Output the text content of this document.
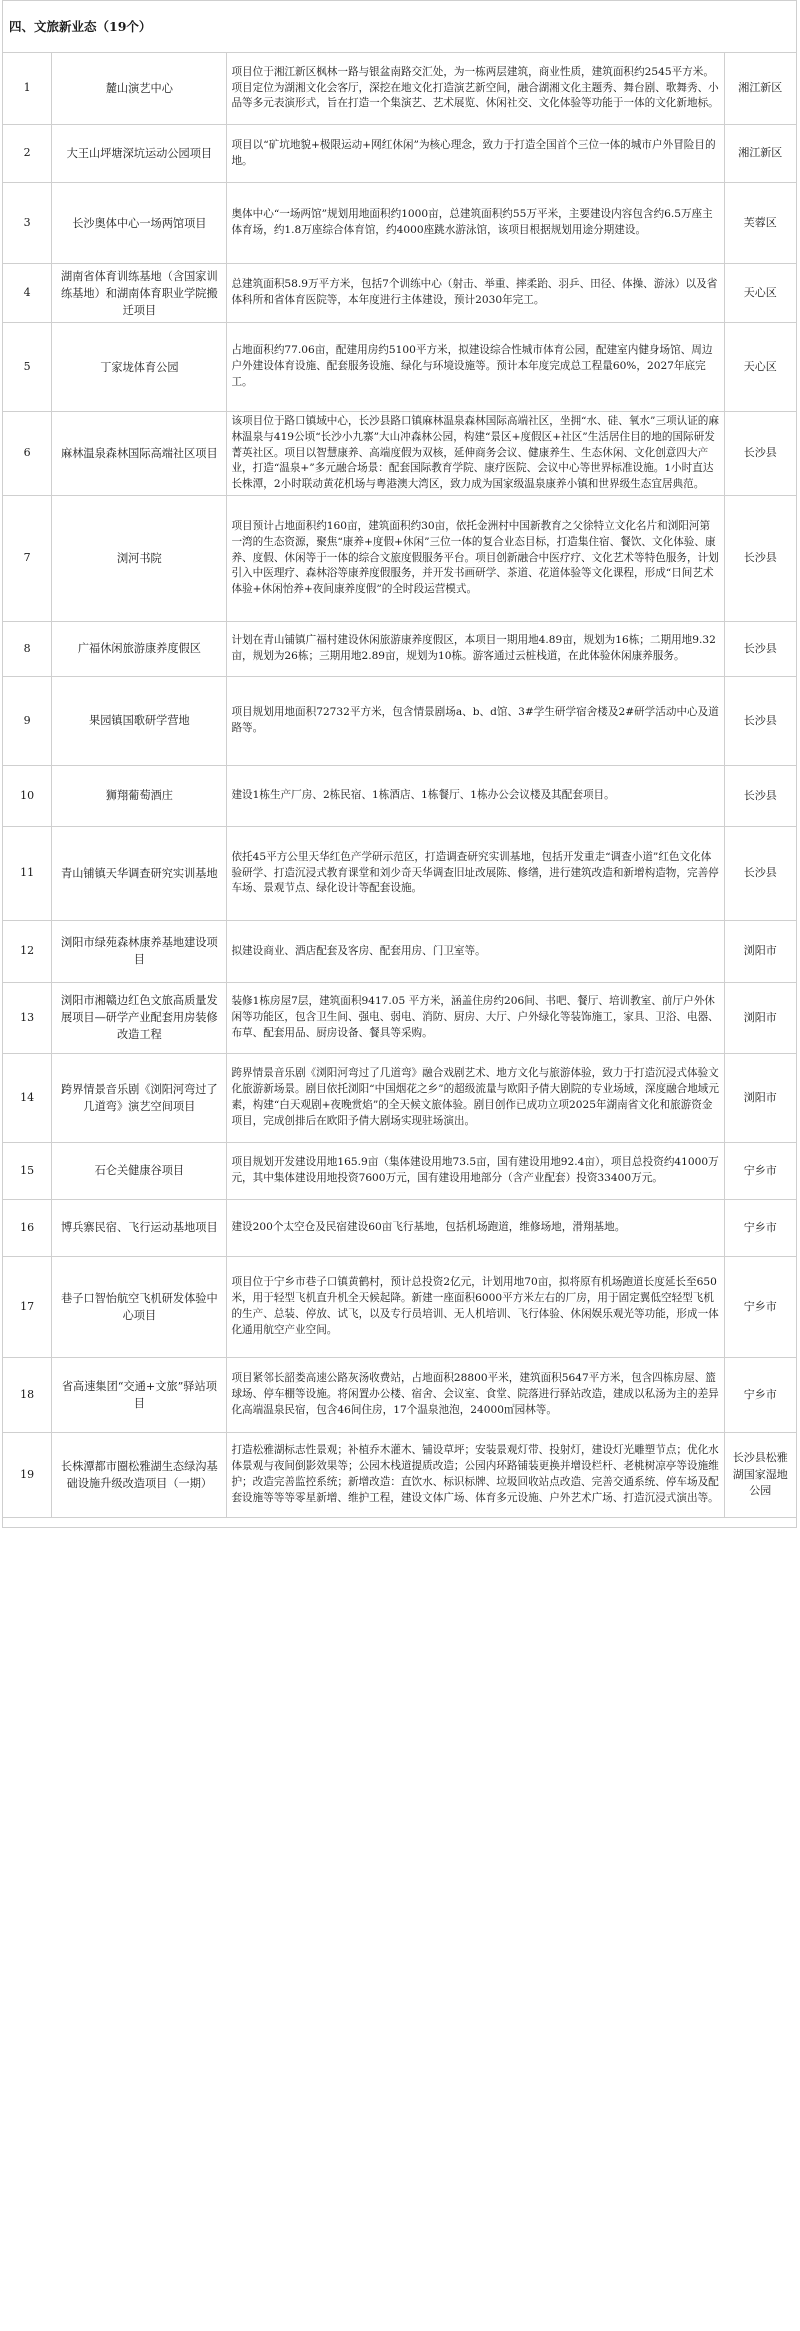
四、文旅新业态（19个）
1	麓山演艺中心	项目位于湘江新区枫林一路与银盆南路交汇处，为一栋两层建筑，商业性质，建筑面积约2545平方米。项目定位为湖湘文化会客厅，深挖在地文化打造演艺新空间，融合湖湘文化主题秀、舞台剧、歌舞秀、小品等多元表演形式，旨在打造一个集演艺、艺术展览、休闲社交、文化体验等功能于一体的文化新地标。	湘江新区
2	大王山坪塘深坑运动公园项目	项目以“矿坑地貌+极限运动+网红休闲”为核心理念，致力于打造全国首个三位一体的城市户外冒险目的地。	湘江新区
3	长沙奥体中心一场两馆项目	奥体中心“一场两馆”规划用地面积约1000亩，总建筑面积约55万平米，主要建设内容包含约6.5万座主体育场，约1.8万座综合体育馆，约4000座跳水游泳馆，该项目根据规划用途分期建设。	芙蓉区
4	湖南省体育训练基地（含国家训练基地）和湖南体育职业学院搬迁项目	总建筑面积58.9万平方米，包括7个训练中心（射击、举重、摔柔跆、羽乒、田径、体操、游泳）以及省体科所和省体育医院等，本年度进行主体建设，预计2030年完工。	天心区
5	丁家垅体育公园	占地面积约77.06亩，配建用房约5100平方米，拟建设综合性城市体育公园，配建室内健身场馆、周边户外建设体育设施、配套服务设施、绿化与环境设施等。预计本年度完成总工程量60%，2027年底完工。	天心区
6	麻林温泉森林国际高端社区项目	该项目位于路口镇域中心，长沙县路口镇麻林温泉森林国际高端社区，坐拥“水、硅、氧水”三项认证的麻林温泉与419公顷“长沙小九寨”大山冲森林公园，构建“景区+度假区+社区”生活居住目的地的国际研发菁英社区。项目以智慧康养、高端度假为双核，延伸商务会议、健康养生、生态休闲、文化创意四大产业，打造“温泉+”多元融合场景：配套国际教育学院、康疗医院、会议中心等世界标准设施。1小时直达长株潭，2小时联动黄花机场与粤港澳大湾区，致力成为国家级温泉康养小镇和世界级生态宜居典范。	长沙县
7	浏河书院	项目预计占地面积约160亩，建筑面积约30亩，依托金洲村中国新教育之父徐特立文化名片和浏阳河第一湾的生态资源，聚焦“康养+度假+休闲”三位一体的复合业态目标，打造集住宿、餐饮、文化体验、康养、度假、休闲等于一体的综合文旅度假服务平台。项目创新融合中医疗疗、文化艺术等特色服务，计划引入中医理疗、森林浴等康养度假服务，并开发书画研学、茶道、花道体验等文化课程，形成“日间艺术体验+休闲怡养+夜间康养度假”的全时段运营模式。	长沙县
8	广福休闲旅游康养度假区	计划在青山铺镇广福村建设休闲旅游康养度假区，本项目一期用地4.89亩，规划为16栋；二期用地9.32亩，规划为26栋；三期用地2.89亩，规划为10栋。游客通过云桩栈道，在此体验休闲康养服务。	长沙县
9	果园镇国歌研学营地	项目规划用地面积72732平方米，包含情景剧场a、b、d馆、3#学生研学宿舍楼及2#研学活动中心及道路等。	长沙县
10	狮翔葡萄酒庄	建设1栋生产厂房、2栋民宿、1栋酒店、1栋餐厅、1栋办公会议楼及其配套项目。	长沙县
11	青山铺镇天华调查研究实训基地	依托45平方公里天华红色产学研示范区，打造调查研究实训基地，包括开发重走“调查小道”红色文化体验研学、打造沉浸式教育课堂和刘少奇天华调查旧址改展陈、修缮，进行建筑改造和新增构造物，完善停车场、景观节点、绿化设计等配套设施。	长沙县
12	浏阳市绿苑森林康养基地建设项目	拟建设商业、酒店配套及客房、配套用房、门卫室等。	浏阳市
13	浏阳市湘赣边红色文旅高质量发展项目—研学产业配套用房装修改造工程	装修1栋房屋7层，建筑面积9417.05 平方米，涵盖住房约206间、书吧、餐厅、培训教室、前厅户外休闲等功能区，包含卫生间、强电、弱电、消防、厨房、大厅、户外绿化等装饰施工，家具、卫浴、电器、布草、配套用品、厨房设备、餐具等采购。	浏阳市
14	跨界情景音乐剧《浏阳河弯过了几道弯》演艺空间项目	跨界情景音乐剧《浏阳河弯过了几道弯》融合戏剧艺术、地方文化与旅游体验，致力于打造沉浸式体验文化旅游新场景。剧目依托浏阳“中国烟花之乡”的超级流量与欧阳予倩大剧院的专业场域，深度融合地域元素，构建“白天观剧+夜晚赏焰”的全天候文旅体验。剧目创作已成功立项2025年湖南省文化和旅游资金项目，完成创排后在欧阳予倩大剧场实现驻场演出。	浏阳市
15	石仑关健康谷项目	项目规划开发建设用地165.9亩（集体建设用地73.5亩，国有建设用地92.4亩），项目总投资约41000万元，其中集体建设用地投资7600万元，国有建设用地部分（含产业配套）投资33400万元。	宁乡市
16	博兵寨民宿、飞行运动基地项目	建设200个太空仓及民宿建设60亩飞行基地，包括机场跑道，维修场地，滑翔基地。	宁乡市
17	巷子口智怡航空飞机研发体验中心项目	项目位于宁乡市巷子口镇黄鹤村，预计总投资2亿元，计划用地70亩，拟将原有机场跑道长度延长至650米，用于轻型飞机直升机全天候起降。新建一座面积6000平方米左右的厂房，用于固定翼低空轻型飞机的生产、总装、停放、试飞，以及专行员培训、无人机培训、飞行体验、休闲娱乐观光等功能，形成一体化通用航空产业空间。	宁乡市
18	省高速集团“交通+文旅”驿站项目	项目紧邻长韶娄高速公路灰汤收费站，占地面积28800平米，建筑面积5647平方米，包含四栋房屋、篮球场、停车棚等设施。将闲置办公楼、宿舍、会议室、食堂、院落进行驿站改造，建成以私汤为主的差异化高端温泉民宿，包含46间住房，17个温泉池泡，24000㎡园林等。	宁乡市
19	长株潭都市圈松雅湖生态绿沟基础设施升级改造项目（一期）	打造松雅湖标志性景观；补植乔木灌木、铺设草坪；安装景观灯带、投射灯，建设灯光雕塑节点；优化水体景观与夜间倒影效果等；公园木栈道提质改造；公园内环路铺装更换并增设栏杆、老桃树凉亭等设施维护；改造完善监控系统；新增改造：直饮水、标识标牌、垃圾回收站点改造、完善交通系统、停车场及配套设施等等等零星新增、维护工程，建设文体广场、体育多元设施、户外艺术广场、打造沉浸式演出等。	长沙县松雅湖国家湿地公园
